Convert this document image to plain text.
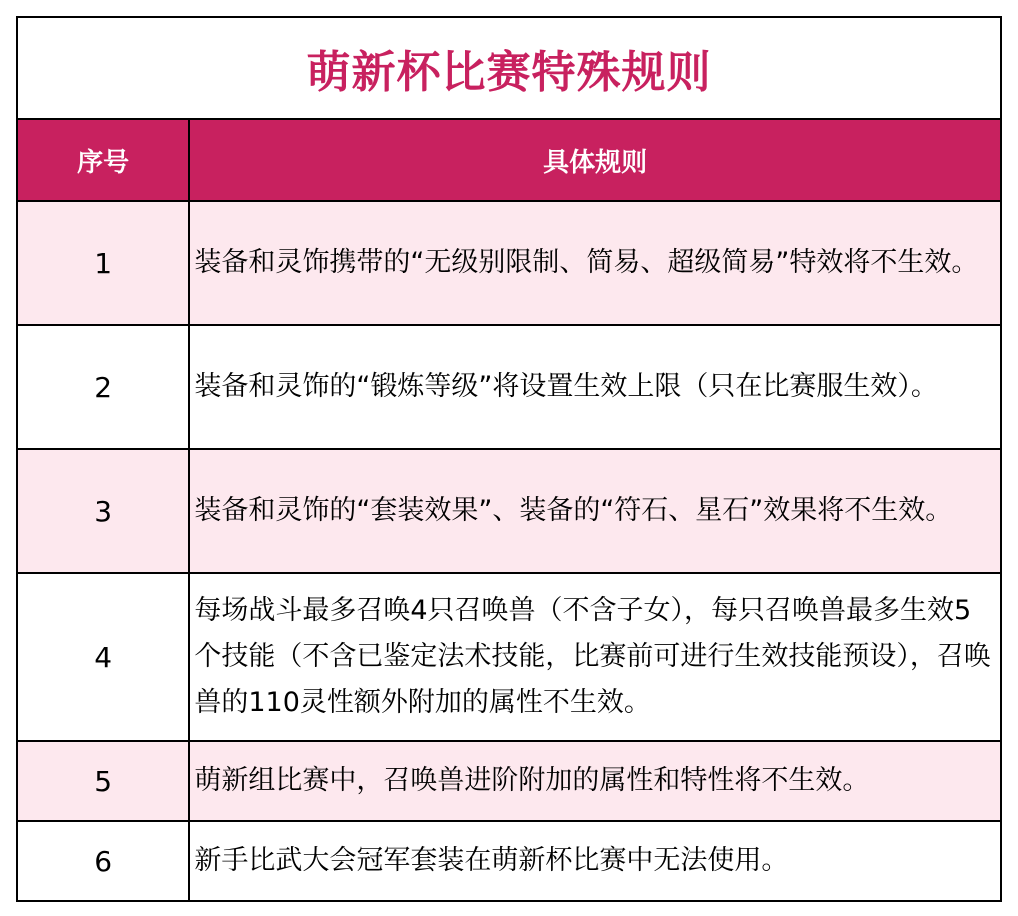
萌新杯比赛特殊规则	
序号	具体规则
1	装备和灵饰携带的“无级别限制、简易、超级简易”特效将不生效。
2	装备和灵饰的“锻炼等级”将设置生效上限（只在比赛服生效）。
3	装备和灵饰的“套装效果”、装备的“符石、星石”效果将不生效。
4	每场战斗最多召唤4只召唤兽（不含子女），每只召唤兽最多生效5个技能（不含已鉴定法术技能，比赛前可进行生效技能预设），召唤兽的110灵性额外附加的属性不生效。
5	萌新组比赛中，召唤兽进阶附加的属性和特性将不生效。
6	新手比武大会冠军套装在萌新杯比赛中无法使用。
